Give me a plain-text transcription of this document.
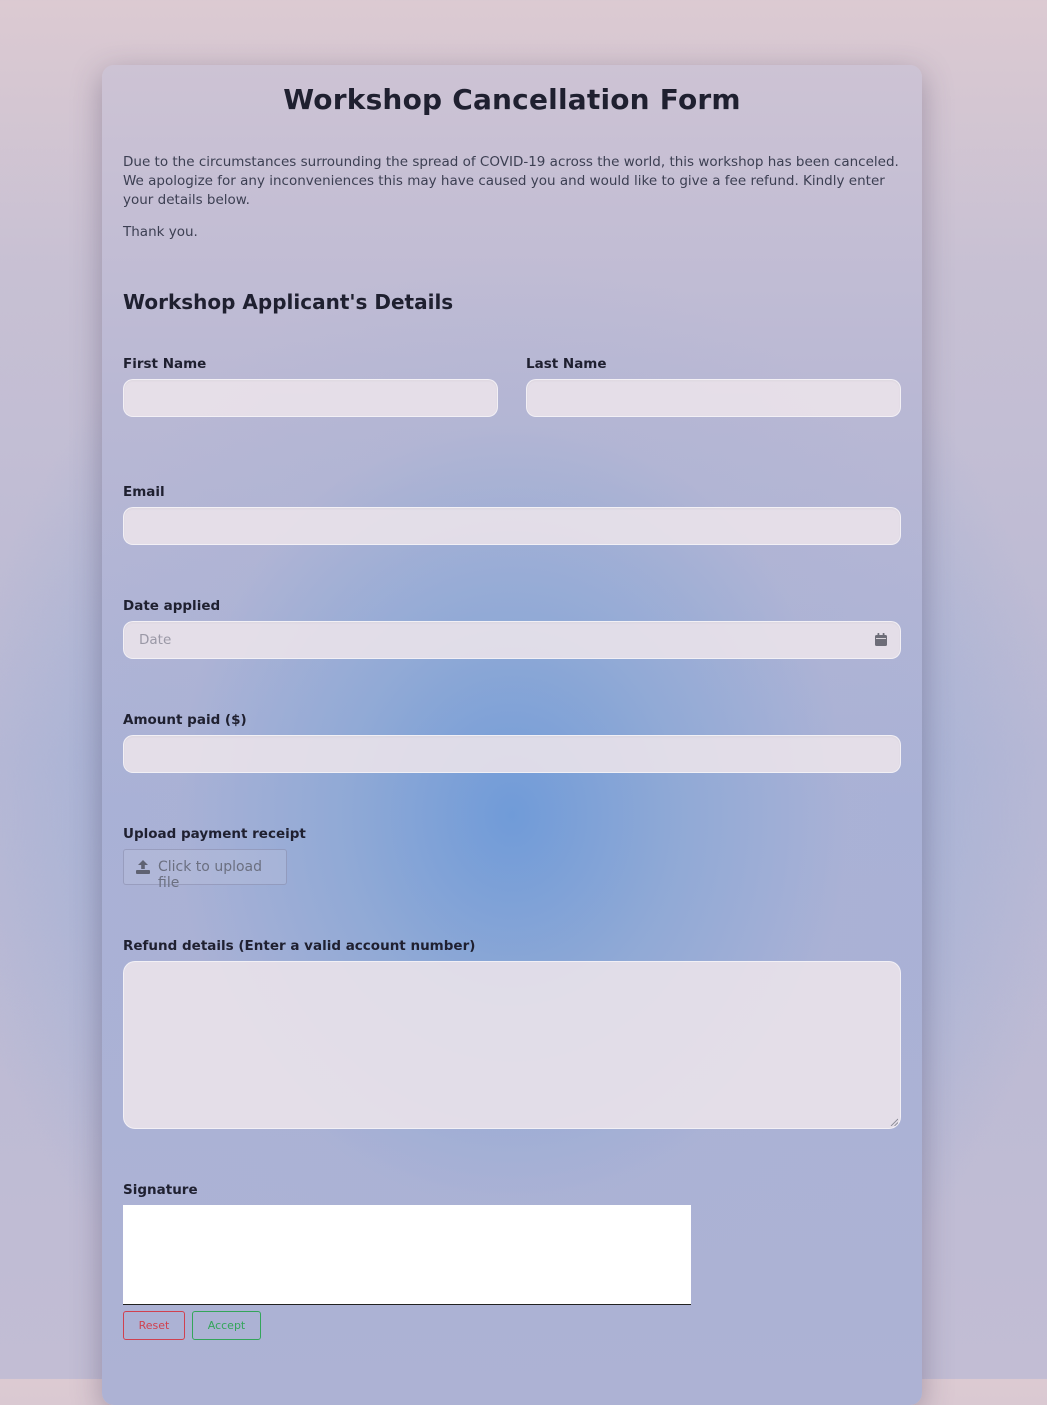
Workshop Cancellation Form
Due to the circumstances surrounding the spread of COVID-19 across the world, this workshop has been canceled. We apologize for any inconveniences this may have caused you and would like to give a fee refund. Kindly enter your details below.
Thank you.
Workshop Applicant's Details
First Name	Last Name
Email
Date applied
Date
Amount paid ($)
Upload payment receipt
Click to upload file
Refund details (Enter a valid account number)
Signature
Reset	Accept
